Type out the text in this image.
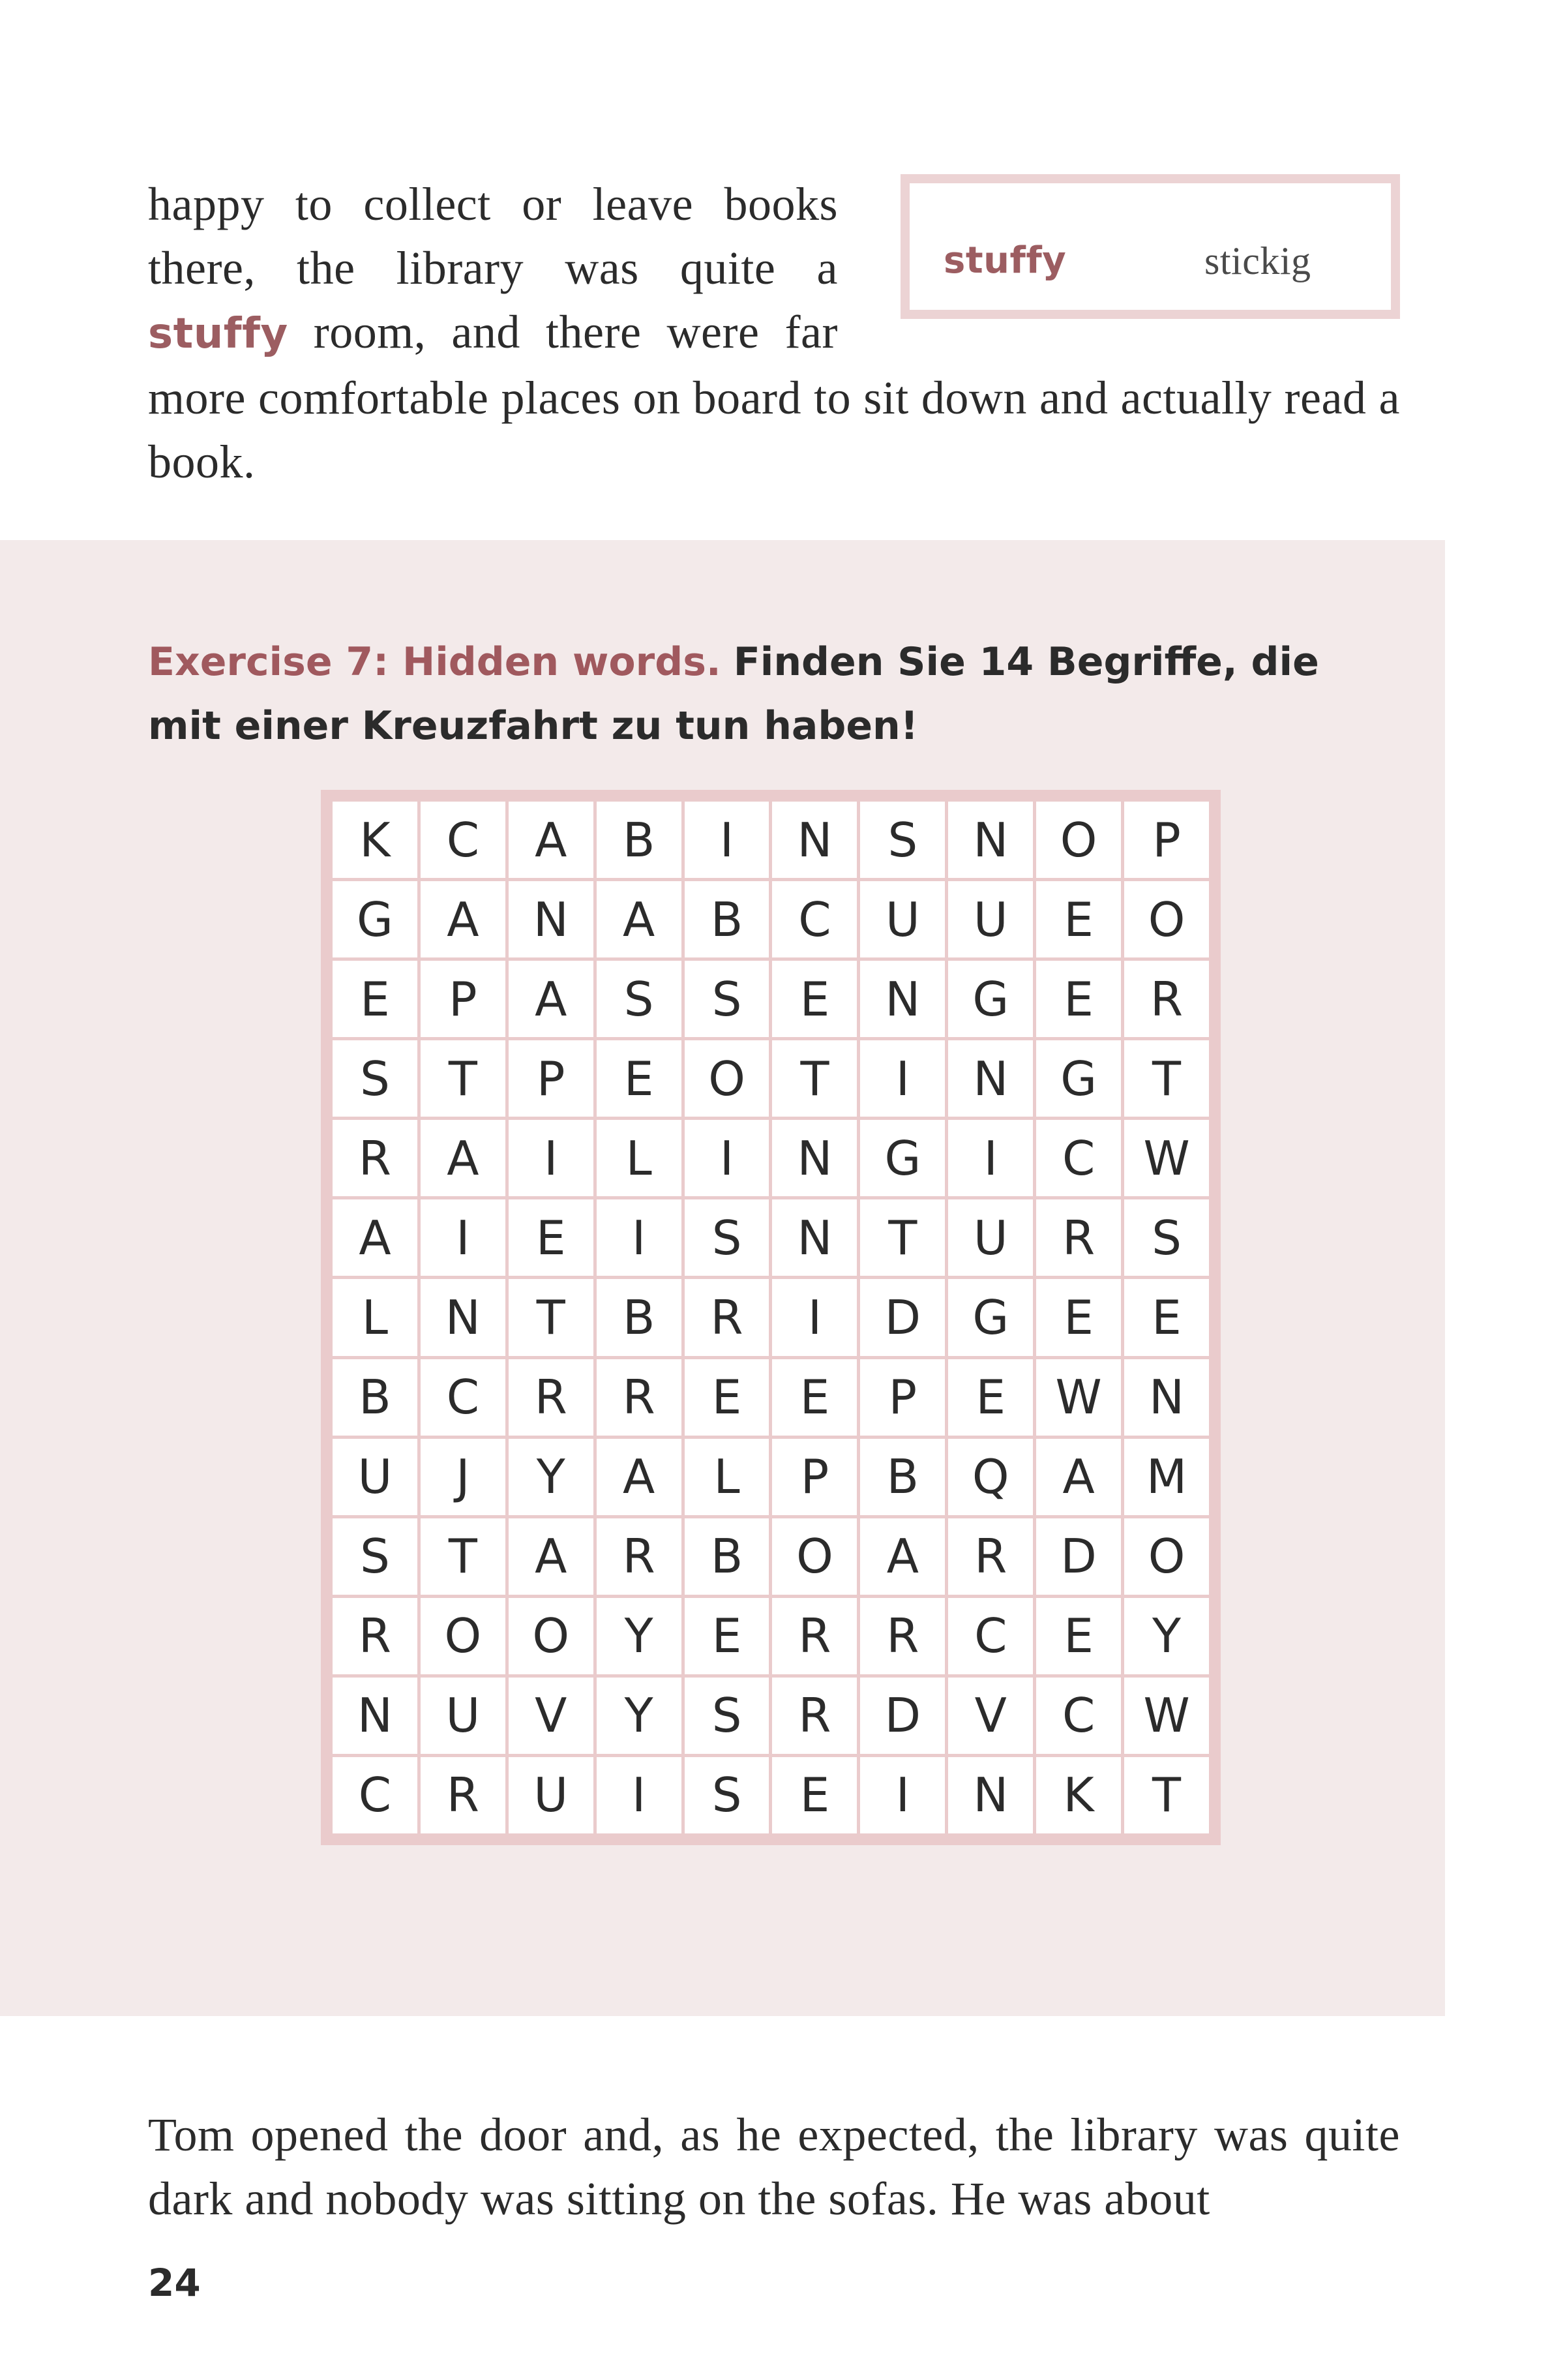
stuffy	stickig
happy to collect or leave books there, the library was quite a stuffy room, and there were far more comfortable places on board to sit down and actually read a book.

Exercise 7: Hidden words. Finden Sie 14 Begriffe, die mit einer Kreuzfahrt zu tun haben!

K	C	A	B	I	N	S	N	O	P
G	A	N	A	B	C	U	U	E	O
E	P	A	S	S	E	N	G	E	R
S	T	P	E	O	T	I	N	G	T
R	A	I	L	I	N	G	I	C	W
A	I	E	I	S	N	T	U	R	S
L	N	T	B	R	I	D	G	E	E
B	C	R	R	E	E	P	E	W	N
U	J	Y	A	L	P	B	Q	A	M
S	T	A	R	B	O	A	R	D	O
R	O	O	Y	E	R	R	C	E	Y
N	U	V	Y	S	R	D	V	C	W
C	R	U	I	S	E	I	N	K	T

Tom opened the door and, as he expected, the library was quite dark and nobody was sitting on the sofas. He was about

24
